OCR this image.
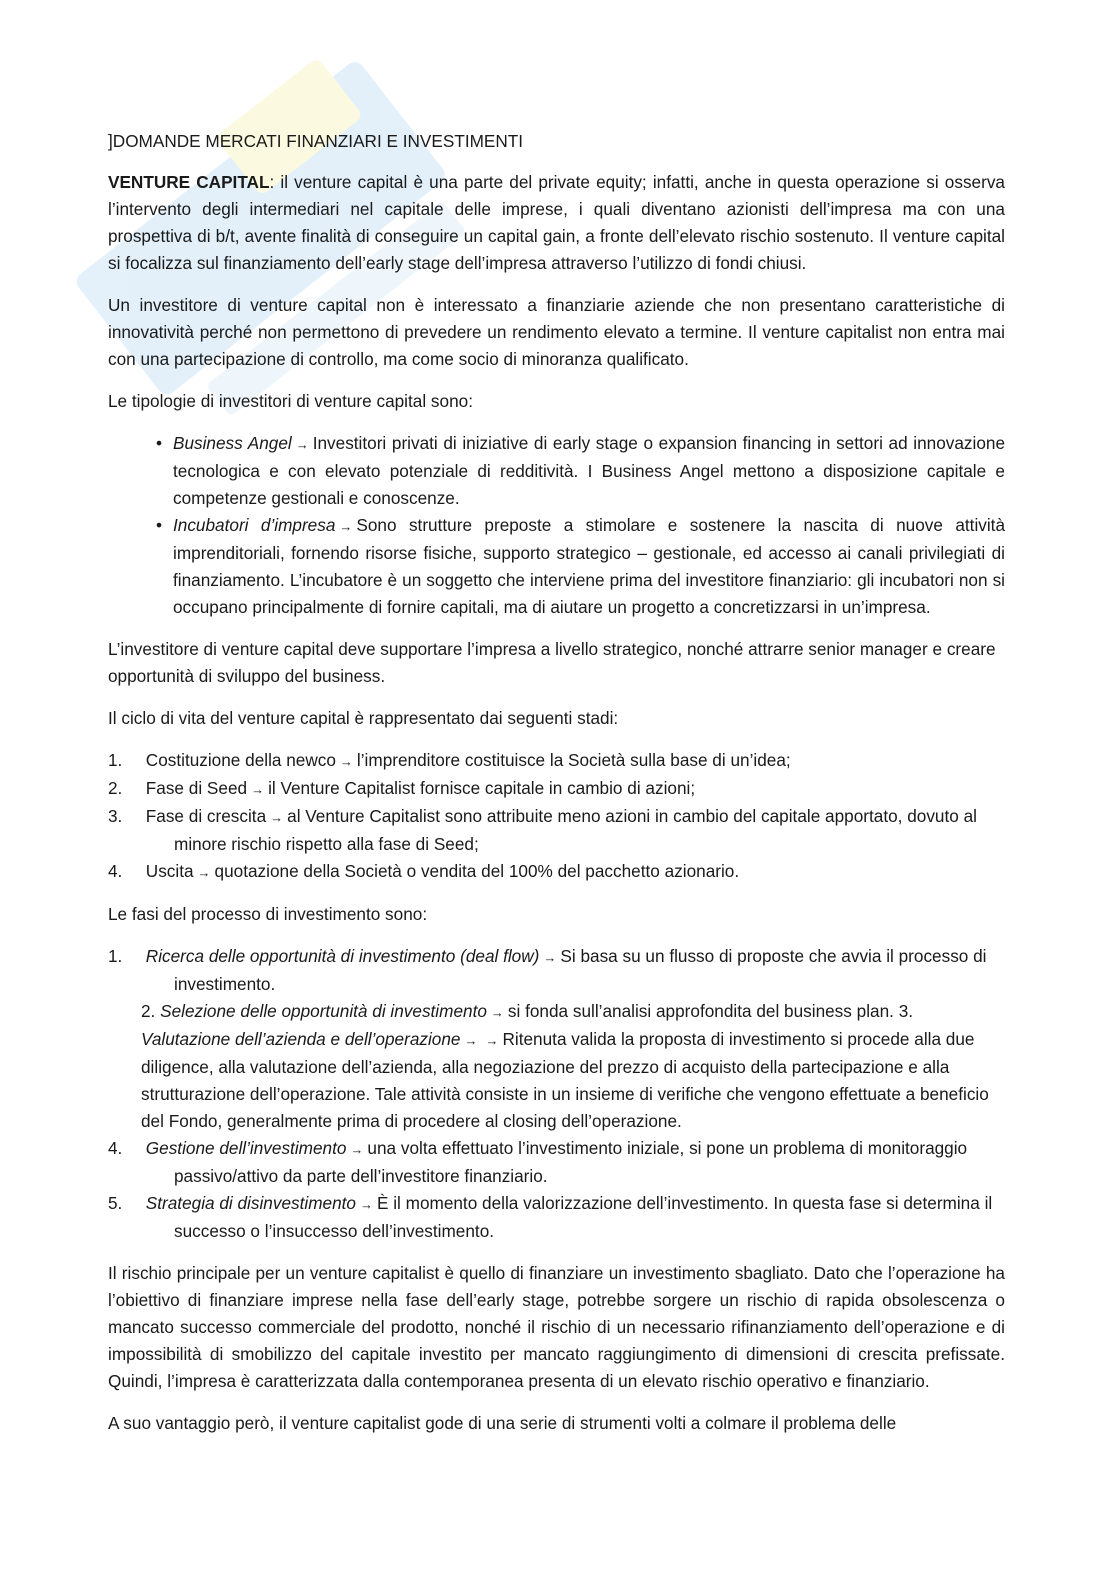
]DOMANDE MERCATI FINANZIARI E INVESTIMENTI

VENTURE CAPITAL: il venture capital è una parte del private equity; infatti, anche in questa operazione si osserva l’intervento degli intermediari nel capitale delle imprese, i quali diventano azionisti dell’impresa ma con una prospettiva di b/t, avente finalità di conseguire un capital gain, a fronte dell’elevato rischio sostenuto. Il venture capital si focalizza sul finanziamento dell’early stage dell’impresa attraverso l’utilizzo di fondi chiusi.

Un investitore di venture capital non è interessato a finanziarie aziende che non presentano caratteristiche di innovatività perché non permettono di prevedere un rendimento elevato a termine. Il venture capitalist non entra mai con una partecipazione di controllo, ma come socio di minoranza qualificato.

Le tipologie di investitori di venture capital sono:

• Business Angel → Investitori privati di iniziative di early stage o expansion financing in settori ad innovazione tecnologica e con elevato potenziale di redditività. I Business Angel mettono a disposizione capitale e competenze gestionali e conoscenze.
• Incubatori d’impresa → Sono strutture preposte a stimolare e sostenere la nascita di nuove attività imprenditoriali, fornendo risorse fisiche, supporto strategico – gestionale, ed accesso ai canali privilegiati di finanziamento. L’incubatore è un soggetto che interviene prima del investitore finanziario: gli incubatori non si occupano principalmente di fornire capitali, ma di aiutare un progetto a concretizzarsi in un’impresa.

L’investitore di venture capital deve supportare l’impresa a livello strategico, nonché attrarre senior manager e creare opportunità di sviluppo del business.

Il ciclo di vita del venture capital è rappresentato dai seguenti stadi:

1. Costituzione della newco → l’imprenditore costituisce la Società sulla base di un’idea;
2. Fase di Seed → il Venture Capitalist fornisce capitale in cambio di azioni;
3. Fase di crescita → al Venture Capitalist sono attribuite meno azioni in cambio del capitale apportato, dovuto al minore rischio rispetto alla fase di Seed;
4. Uscita → quotazione della Società o vendita del 100% del pacchetto azionario.

Le fasi del processo di investimento sono:

1. Ricerca delle opportunità di investimento (deal flow) → Si basa su un flusso di proposte che avvia il processo di investimento.
2. Selezione delle opportunità di investimento → si fonda sull’analisi approfondita del business plan. 3. Valutazione dell’azienda e dell’operazione → → Ritenuta valida la proposta di investimento si procede alla due diligence, alla valutazione dell’azienda, alla negoziazione del prezzo di acquisto della partecipazione e alla strutturazione dell’operazione. Tale attività consiste in un insieme di verifiche che vengono effettuate a beneficio del Fondo, generalmente prima di procedere al closing dell’operazione.
4. Gestione dell’investimento → una volta effettuato l’investimento iniziale, si pone un problema di monitoraggio passivo/attivo da parte dell’investitore finanziario.
5. Strategia di disinvestimento → È il momento della valorizzazione dell’investimento. In questa fase si determina il successo o l’insuccesso dell’investimento.

Il rischio principale per un venture capitalist è quello di finanziare un investimento sbagliato. Dato che l’operazione ha l’obiettivo di finanziare imprese nella fase dell’early stage, potrebbe sorgere un rischio di rapida obsolescenza o mancato successo commerciale del prodotto, nonché il rischio di un necessario rifinanziamento dell’operazione e di impossibilità di smobilizzo del capitale investito per mancato raggiungimento di dimensioni di crescita prefissate. Quindi, l’impresa è caratterizzata dalla contemporanea presenta di un elevato rischio operativo e finanziario.

A suo vantaggio però, il venture capitalist gode di una serie di strumenti volti a colmare il problema delle
